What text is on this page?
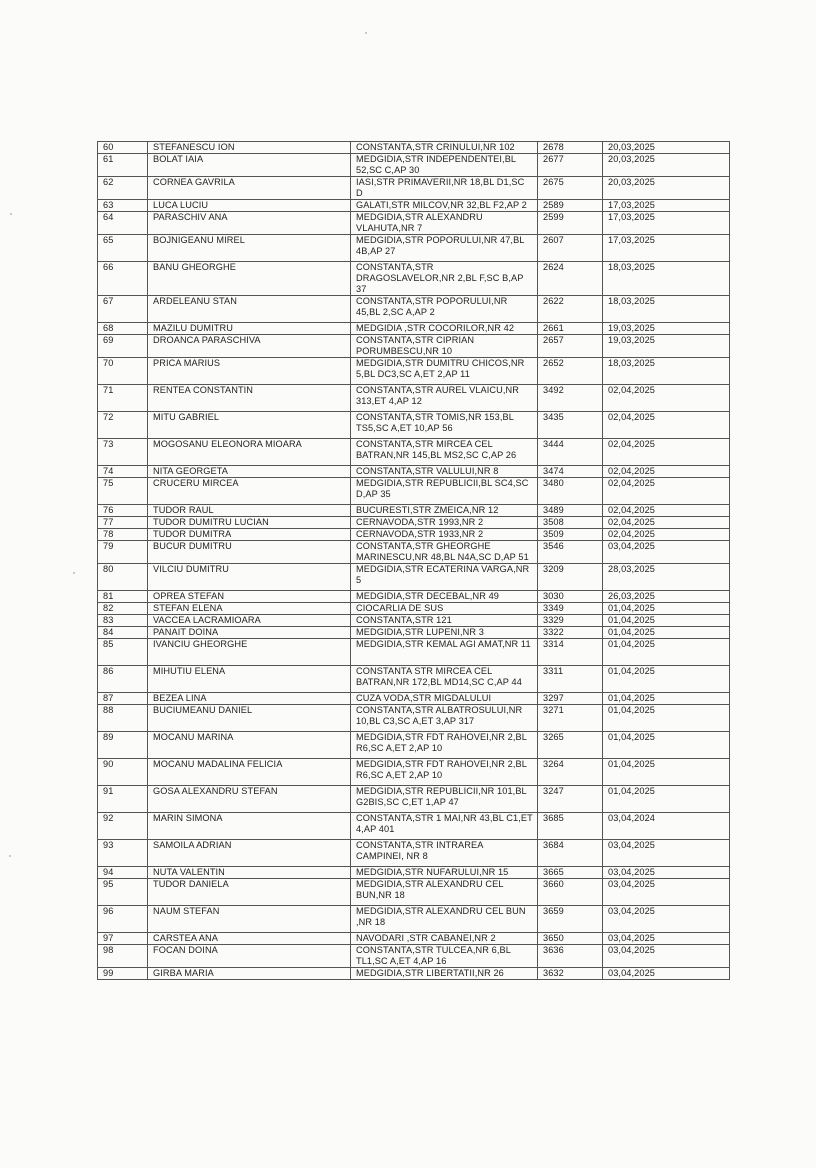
60	STEFANESCU ION	CONSTANTA,STR CRINULUI,NR 102	2678	20,03,2025
61	BOLAT IAIA	MEDGIDIA,STR INDEPENDENTEI,BL 52,SC C,AP 30	2677	20,03,2025
62	CORNEA GAVRILA	IASI,STR PRIMAVERII,NR 18,BL D1,SC D	2675	20,03,2025
63	LUCA LUCIU	GALATI,STR MILCOV,NR 32,BL F2,AP 2	2589	17,03,2025
64	PARASCHIV ANA	MEDGIDIA,STR ALEXANDRU VLAHUTA,NR 7	2599	17,03,2025
65	BOJNIGEANU MIREL	MEDGIDIA,STR POPORULUI,NR 47,BL 4B,AP 27	2607	17,03,2025
66	BANU GHEORGHE	CONSTANTA,STR DRAGOSLAVELOR,NR 2,BL F,SC B,AP 37	2624	18,03,2025
67	ARDELEANU STAN	CONSTANTA,STR POPORULUI,NR 45,BL 2,SC A,AP 2	2622	18,03,2025
68	MAZILU DUMITRU	MEDGIDIA ,STR COCORILOR,NR 42	2661	19,03,2025
69	DROANCA PARASCHIVA	CONSTANTA,STR CIPRIAN PORUMBESCU,NR 10	2657	19,03,2025
70	PRICA MARIUS	MEDGIDIA,STR DUMITRU CHICOS,NR 5,BL DC3,SC A,ET 2,AP 11	2652	18,03,2025
71	RENTEA CONSTANTIN	CONSTANTA,STR AUREL VLAICU,NR 313,ET 4,AP 12	3492	02,04,2025
72	MITU GABRIEL	CONSTANTA,STR TOMIS,NR 153,BL TS5,SC A,ET 10,AP 56	3435	02,04,2025
73	MOGOSANU ELEONORA MIOARA	CONSTANTA,STR MIRCEA CEL BATRAN,NR 145,BL MS2,SC C,AP 26	3444	02,04,2025
74	NITA GEORGETA	CONSTANTA,STR VALULUI,NR 8	3474	02,04,2025
75	CRUCERU MIRCEA	MEDGIDIA,STR REPUBLICII,BL SC4,SC D,AP 35	3480	02,04,2025
76	TUDOR RAUL	BUCURESTI,STR ZMEICA,NR 12	3489	02,04,2025
77	TUDOR DUMITRU LUCIAN	CERNAVODA,STR 1993,NR 2	3508	02,04,2025
78	TUDOR DUMITRA	CERNAVODA,STR 1933,NR 2	3509	02,04,2025
79	BUCUR DUMITRU	CONSTANTA,STR GHEORGHE MARINESCU,NR 48,BL N4A,SC D,AP 51	3546	03,04,2025
80	VILCIU DUMITRU	MEDGIDIA,STR ECATERINA VARGA,NR 5	3209	28,03,2025
81	OPREA STEFAN	MEDGIDIA,STR DECEBAL,NR 49	3030	26,03,2025
82	STEFAN ELENA	CIOCARLIA DE SUS	3349	01,04,2025
83	VACCEA LACRAMIOARA	CONSTANTA,STR 121	3329	01,04,2025
84	PANAIT DOINA	MEDGIDIA,STR LUPENI,NR 3	3322	01,04,2025
85	IVANCIU GHEORGHE	MEDGIDIA,STR KEMAL AGI AMAT,NR 11	3314	01,04,2025
86	MIHUTIU ELENA	CONSTANTA STR MIRCEA CEL BATRAN,NR 172,BL MD14,SC C,AP 44	3311	01,04,2025
87	BEZEA LINA	CUZA VODA,STR MIGDALULUI	3297	01,04,2025
88	BUCIUMEANU DANIEL	CONSTANTA,STR ALBATROSULUI,NR 10,BL C3,SC A,ET 3,AP 317	3271	01,04,2025
89	MOCANU MARINA	MEDGIDIA,STR FDT RAHOVEI,NR 2,BL R6,SC A,ET 2,AP 10	3265	01,04,2025
90	MOCANU MADALINA FELICIA	MEDGIDIA,STR FDT RAHOVEI,NR 2,BL R6,SC A,ET 2,AP 10	3264	01,04,2025
91	GOSA ALEXANDRU STEFAN	MEDGIDIA,STR REPUBLICII,NR 101,BL G2BIS,SC C,ET 1,AP 47	3247	01,04,2025
92	MARIN SIMONA	CONSTANTA,STR 1 MAI,NR 43,BL C1,ET 4,AP 401	3685	03,04,2024
93	SAMOILA ADRIAN	CONSTANTA,STR INTRAREA CAMPINEI, NR 8	3684	03,04,2025
94	NUTA VALENTIN	MEDGIDIA,STR NUFARULUI,NR 15	3665	03,04,2025
95	TUDOR DANIELA	MEDGIDIA,STR ALEXANDRU CEL BUN,NR 18	3660	03,04,2025
96	NAUM STEFAN	MEDGIDIA,STR ALEXANDRU CEL BUN ,NR 18	3659	03,04,2025
97	CARSTEA ANA	NAVODARI ,STR CABANEI,NR 2	3650	03,04,2025
98	FOCAN DOINA	CONSTANTA,STR TULCEA,NR 6,BL TL1,SC A,ET 4,AP 16	3636	03,04,2025
99	GIRBA MARIA	MEDGIDIA,STR LIBERTATII,NR 26	3632	03,04,2025
